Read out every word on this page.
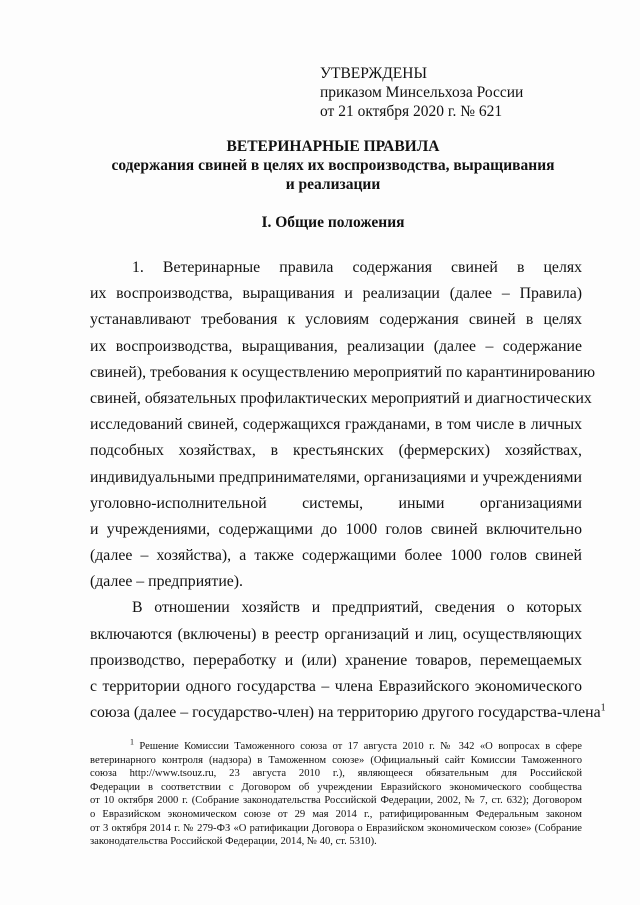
УТВЕРЖДЕНЫ
приказом Минсельхоза России
от 21 октября 2020 г. № 621
ВЕТЕРИНАРНЫЕ ПРАВИЛА
содержания свиней в целях их воспроизводства, выращивания
и реализации
I. Общие положения
1. Ветеринарные правила содержания свиней в целях
их воспроизводства, выращивания и реализации (далее – Правила)
устанавливают требования к условиям содержания свиней в целях
их воспроизводства, выращивания, реализации (далее – содержание
свиней), требования к осуществлению мероприятий по карантинированию
свиней, обязательных профилактических мероприятий и диагностических
исследований свиней, содержащихся гражданами, в том числе в личных
подсобных хозяйствах, в крестьянских (фермерских) хозяйствах,
индивидуальными предпринимателями, организациями и учреждениями
уголовно-исполнительной системы, иными организациями
и учреждениями, содержащими до 1000 голов свиней включительно
(далее – хозяйства), а также содержащими более 1000 голов свиней
(далее – предприятие).
В отношении хозяйств и предприятий, сведения о которых
включаются (включены) в реестр организаций и лиц, осуществляющих
производство, переработку и (или) хранение товаров, перемещаемых
с территории одного государства – члена Евразийского экономического
союза (далее – государство-член) на территорию другого государства-члена$^1$
$^1$ Решение Комиссии Таможенного союза от 17 августа 2010 г. № 342 «О вопросах в сфере
ветеринарного контроля (надзора) в Таможенном союзе» (Официальный сайт Комиссии Таможенного
союза http://www.tsouz.ru, 23 августа 2010 г.), являющееся обязательным для Российской
Федерации в соответствии с Договором об учреждении Евразийского экономического сообщества
от 10 октября 2000 г. (Собрание законодательства Российской Федерации, 2002, № 7, ст. 632); Договором
о Евразийском экономическом союзе от 29 мая 2014 г., ратифицированным Федеральным законом
от 3 октября 2014 г. № 279-ФЗ «О ратификации Договора о Евразийском экономическом союзе» (Собрание
законодательства Российской Федерации, 2014, № 40, ст. 5310).
